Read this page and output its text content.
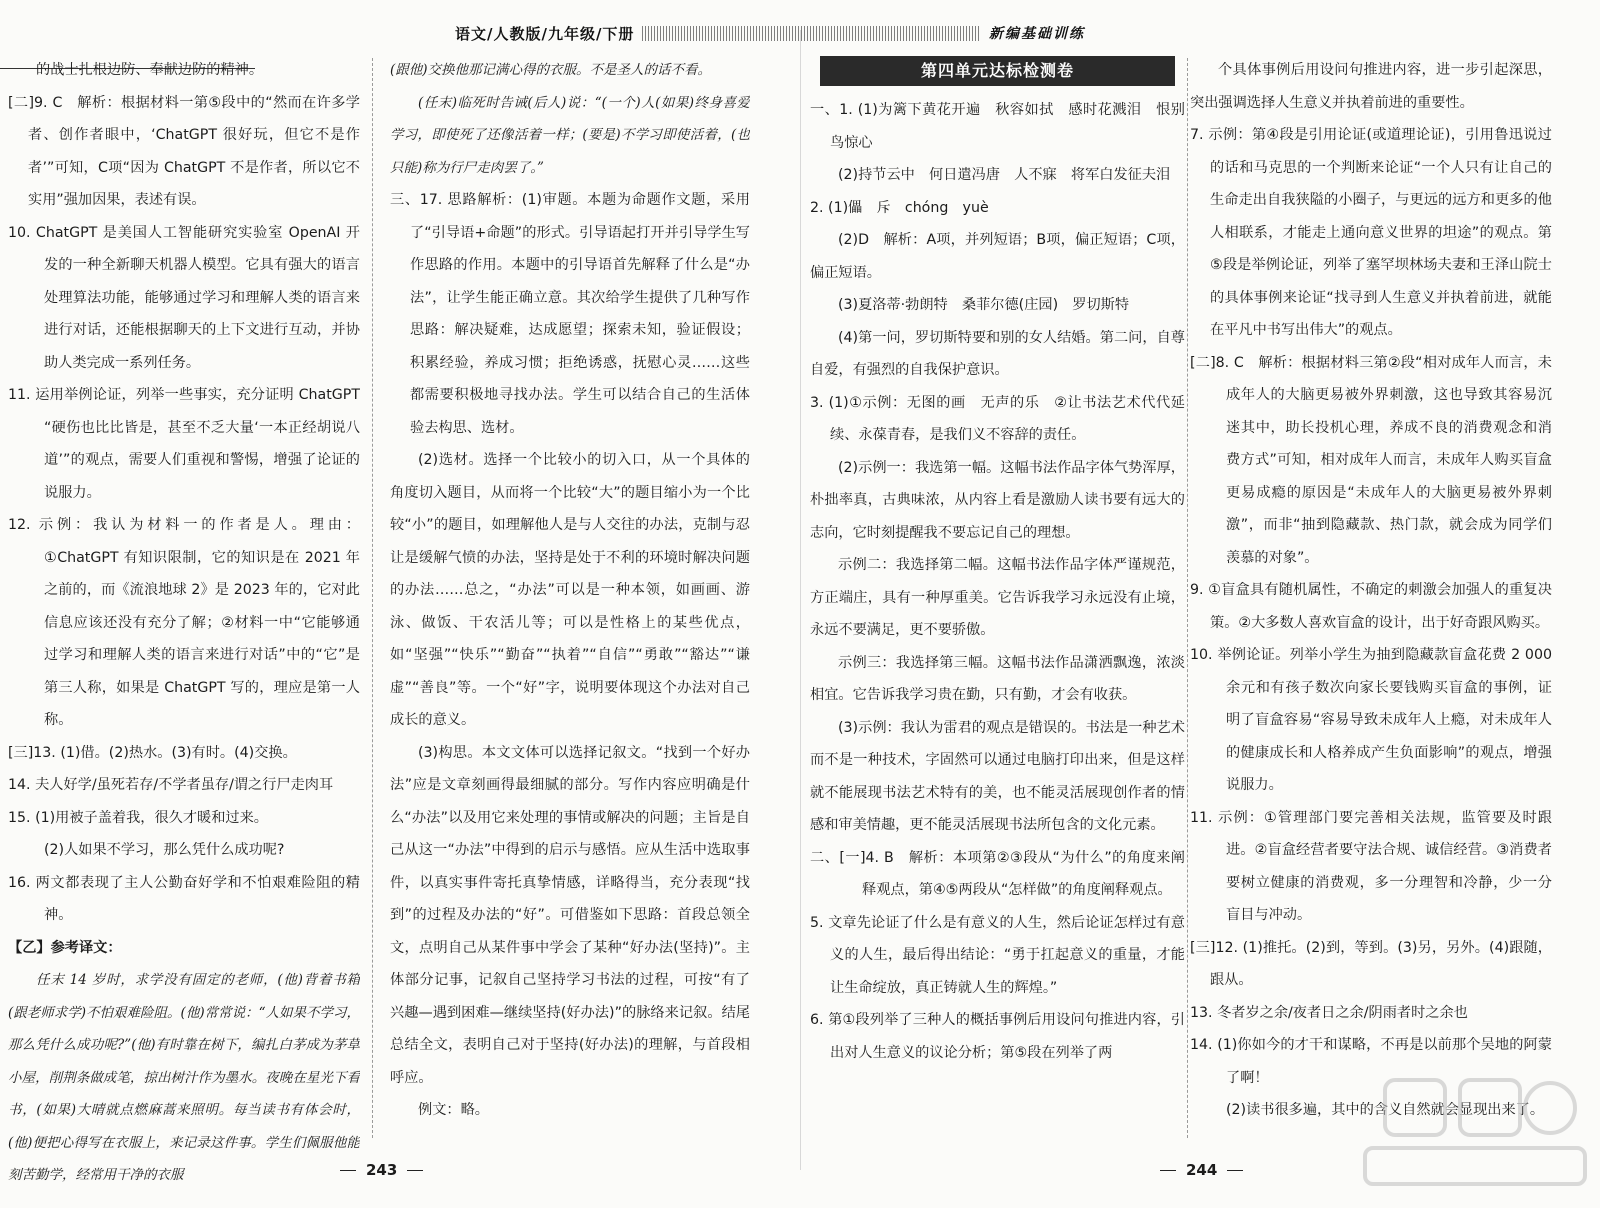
语文/人教版/九年级/下册	新编基础训练

的战士扎根边防、奉献边防的精神。

[二]9. C　解析：根据材料一第⑤段中的“然而在许多学者、创作者眼中，‘ChatGPT 很好玩，但它不是作者’”可知，C项“因为 ChatGPT 不是作者，所以它不实用”强加因果，表述有误。

10. ChatGPT 是美国人工智能研究实验室 OpenAI 开发的一种全新聊天机器人模型。它具有强大的语言处理算法功能，能够通过学习和理解人类的语言来进行对话，还能根据聊天的上下文进行互动，并协助人类完成一系列任务。

11. 运用举例论证，列举一些事实，充分证明 ChatGPT “硬伤也比比皆是，甚至不乏大量‘一本正经胡说八道’”的观点，需要人们重视和警惕，增强了论证的说服力。

12. 示例：我认为材料一的作者是人。理由：①ChatGPT 有知识限制，它的知识是在 2021 年之前的，而《流浪地球 2》是 2023 年的，它对此信息应该还没有充分了解；②材料一中“它能够通过学习和理解人类的语言来进行对话”中的“它”是第三人称，如果是 ChatGPT 写的，理应是第一人称。

[三]13. (1)借。(2)热水。(3)有时。(4)交换。

14. 夫人好学/虽死若存/不学者虽存/谓之行尸走肉耳

15. (1)用被子盖着我，很久才暖和过来。

(2)人如果不学习，那么凭什么成功呢?

16. 两文都表现了主人公勤奋好学和不怕艰难险阻的精神。

【乙】参考译文：

任末 14 岁时，求学没有固定的老师，(他)背着书箱(跟老师求学)不怕艰难险阻。(他)常常说：“人如果不学习，那么凭什么成功呢?”(他)有时靠在树下，编扎白茅成为茅草小屋，削荆条做成笔，掠出树汁作为墨水。夜晚在星光下看书，(如果)大晴就点燃麻蒿来照明。每当读书有体会时，(他)便把心得写在衣服上，来记录这件事。学生们佩服他能刻苦勤学，经常用干净的衣服

(跟他)交换他那记满心得的衣服。不是圣人的话不看。

(任末)临死时告诫(后人)说：“(一个)人(如果)终身喜爱学习，即使死了还像活着一样；(要是)不学习即使活着，(也只能)称为行尸走肉罢了。”

三、17. 思路解析：(1)审题。本题为命题作文题，采用了“引导语+命题”的形式。引导语起打开并引导学生写作思路的作用。本题中的引导语首先解释了什么是“办法”，让学生能正确立意。其次给学生提供了几种写作思路：解决疑难，达成愿望；探索未知，验证假设；积累经验，养成习惯；拒绝诱惑，抚慰心灵……这些都需要积极地寻找办法。学生可以结合自己的生活体验去构思、选材。

(2)选材。选择一个比较小的切入口，从一个具体的角度切入题目，从而将一个比较“大”的题目缩小为一个比较“小”的题目，如理解他人是与人交往的办法，克制与忍让是缓解气愤的办法，坚持是处于不利的环境时解决问题的办法……总之，“办法”可以是一种本领，如画画、游泳、做饭、干农活儿等；可以是性格上的某些优点，如“坚强”“快乐”“勤奋”“执着”“自信”“勇敢”“豁达”“谦虚”“善良”等。一个“好”字，说明要体现这个办法对自己成长的意义。

(3)构思。本文文体可以选择记叙文。“找到一个好办法”应是文章刻画得最细腻的部分。写作内容应明确是什么“办法”以及用它来处理的事情或解决的问题；主旨是自己从这一“办法”中得到的启示与感悟。应从生活中选取事件，以真实事件寄托真挚情感，详略得当，充分表现“找到”的过程及办法的“好”。可借鉴如下思路：首段总领全文，点明自己从某件事中学会了某种“好办法(坚持)”。主体部分记事，记叙自己坚持学习书法的过程，可按“有了兴趣—遇到困难—继续坚持(好办法)”的脉络来记叙。结尾总结全文，表明自己对于坚持(好办法)的理解，与首段相呼应。

例文：略。

第四单元达标检测卷

一、1. (1)为篱下黄花开遍　秋容如拭　感时花溅泪　恨别鸟惊心

(2)持节云中　何日遣冯唐　人不寐　将军白发征夫泪

2. (1)儡　斥　chóng　yuè

(2)D　解析：A项，并列短语；B项，偏正短语；C项，偏正短语。

(3)夏洛蒂·勃朗特　桑菲尔德(庄园)　罗切斯特

(4)第一问，罗切斯特要和别的女人结婚。第二问，自尊自爱，有强烈的自我保护意识。

3. (1)①示例：无图的画　无声的乐　②让书法艺术代代延续、永葆青春，是我们义不容辞的责任。

(2)示例一：我选第一幅。这幅书法作品字体气势浑厚，朴拙率真，古典味浓，从内容上看是激励人读书要有远大的志向，它时刻提醒我不要忘记自己的理想。

示例二：我选择第二幅。这幅书法作品字体严谨规范，方正端庄，具有一种厚重美。它告诉我学习永远没有止境，永远不要满足，更不要骄傲。

示例三：我选择第三幅。这幅书法作品潇洒飘逸，浓淡相宜。它告诉我学习贵在勤，只有勤，才会有收获。

(3)示例：我认为雷君的观点是错误的。书法是一种艺术而不是一种技术，字固然可以通过电脑打印出来，但是这样就不能展现书法艺术特有的美，也不能灵活展现创作者的情感和审美情趣，更不能灵活展现书法所包含的文化元素。

二、[一]4. B　解析：本项第②③段从“为什么”的角度来阐释观点，第④⑤两段从“怎样做”的角度阐释观点。

5. 文章先论证了什么是有意义的人生，然后论证怎样过有意义的人生，最后得出结论：“勇于扛起意义的重量，才能让生命绽放，真正铸就人生的辉煌。”

6. 第①段列举了三种人的概括事例后用设问句推进内容，引出对人生意义的议论分析；第⑤段在列举了两

个具体事例后用设问句推进内容，进一步引起深思，突出强调选择人生意义并执着前进的重要性。

7. 示例：第④段是引用论证(或道理论证)，引用鲁迅说过的话和马克思的一个判断来论证“一个人只有让自己的生命走出自我狭隘的小圈子，与更远的远方和更多的他人相联系，才能走上通向意义世界的坦途”的观点。第⑤段是举例论证，列举了塞罕坝林场夫妻和王泽山院士的具体事例来论证“找寻到人生意义并执着前进，就能在平凡中书写出伟大”的观点。

[二]8. C　解析：根据材料三第②段“相对成年人而言，未成年人的大脑更易被外界刺激，这也导致其容易沉迷其中，助长投机心理，养成不良的消费观念和消费方式”可知，相对成年人而言，未成年人购买盲盒更易成瘾的原因是“未成年人的大脑更易被外界刺激”，而非“抽到隐藏款、热门款，就会成为同学们羡慕的对象”。

9. ①盲盒具有随机属性，不确定的刺激会加强人的重复决策。②大多数人喜欢盲盒的设计，出于好奇跟风购买。

10. 举例论证。列举小学生为抽到隐藏款盲盒花费 2 000 余元和有孩子数次向家长要钱购买盲盒的事例，证明了盲盒容易“容易导致未成年人上瘾，对未成年人的健康成长和人格养成产生负面影响”的观点，增强说服力。

11. 示例：①管理部门要完善相关法规，监管要及时跟进。②盲盒经营者要守法合规、诚信经营。③消费者要树立健康的消费观，多一分理智和冷静，少一分盲目与冲动。

[三]12. (1)推托。(2)到，等到。(3)另，另外。(4)跟随，跟从。

13. 冬者岁之余/夜者日之余/阴雨者时之余也

14. (1)你如今的才干和谋略，不再是以前那个吴地的阿蒙了啊！

(2)读书很多遍，其中的含义自然就会显现出来了。

243	244
